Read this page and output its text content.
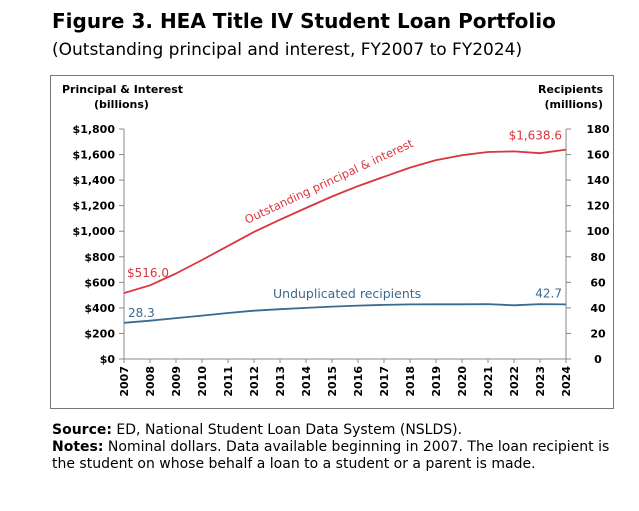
Figure 3. HEA Title IV Student Loan Portfolio
(Outstanding principal and interest, FY2007 to FY2024)
Principal & Interest
(billions)
Recipients
(millions)
$0
$200
$400
$600
$800
$1,000
$1,200
$1,400
$1,600
$1,800
0
20
40
60
80
100
120
140
160
180
2007 2008 2009 2010 2011 2012 2013 2014 2015 2016 2017 2018 2019 2020 2021 2022 2023 2024
$516.0
$1,638.6
28.3
42.7
Outstanding principal & interest
Unduplicated recipients

Source: ED, National Student Loan Data System (NSLDS).

Notes: Nominal dollars. Data available beginning in 2007. The loan recipient is the student on whose behalf a loan to a student or a parent is made.
